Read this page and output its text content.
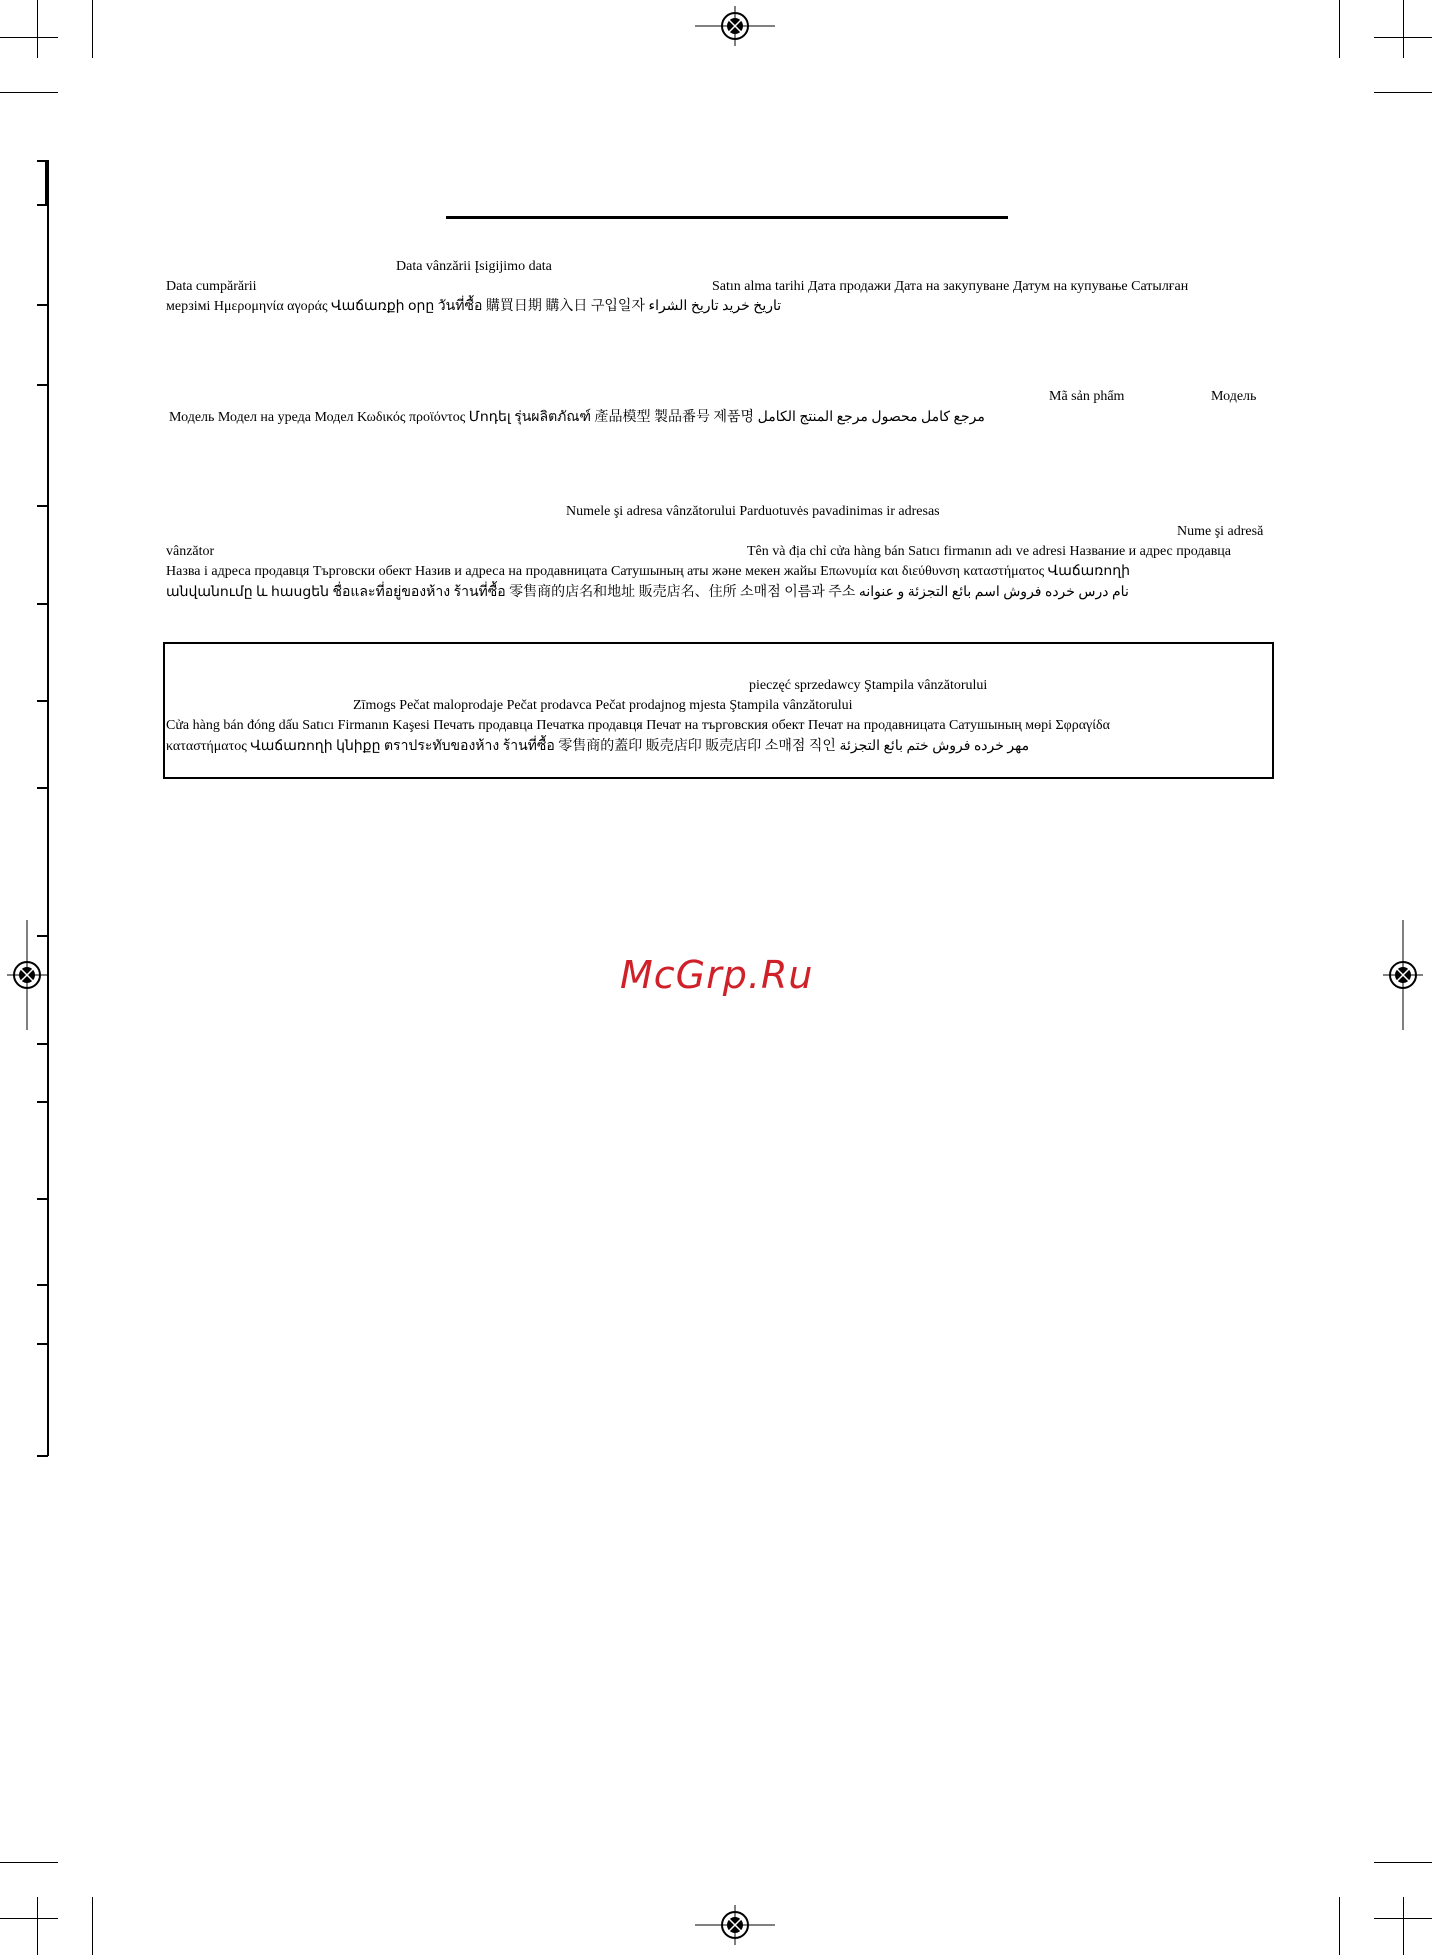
Data vânzării Įsigijimo data
Data cumpărării	Satın alma tarihi Дата продажи Дата на закупуване Датум на купување Сатылған
мерзімі Ημερομηνία αγοράς Վաճառքի օրը วันที่ซื้อ 購買日期 購入日 구입일자 تاريخ خريد تاريخ الشراء
Mã sản phẩm	Модель
Модель Модел на уреда Модел Κωδικός προϊόντος Մոդել รุ่นผลิตภัณฑ์ 產品模型 製品番号 제품명 مرجع كامل محصول مرجع المنتج الكامل
Numele şi adresa vânzătorului Parduotuvės pavadinimas ir adresas
Nume şi adresă
vânzător	Tên và địa chỉ cửa hàng bán Satıcı firmanın adı ve adresi Название и адрес продавца
Назва і адреса продавця Търговски обект Назив и адреса на продавницата Сатушының аты және мекен жайы Επωνυμία και διεύθυνση καταστήματος Վաճառողի
անվանումը և հասցեն ชื่อและที่อยู่ของห้าง ร้านที่ซื้อ 零售商的店名和地址 販売店名、住所 소매점 이름과 주소 نام درس خرده فروش اسم بائع التجزئة و عنوانه
pieczęć sprzedawcy Ştampila vânzătorului
Zīmogs Pečat maloprodaje Pečat prodavca Pečat prodajnog mjesta Ştampila vânzătorului
Cửa hàng bán đóng dấu Satıcı Firmanın Kaşesi Печать продавца Печатка продавця Печат на търговския обект Печат на продавницата Сатушының мөрі Σφραγίδα
καταστήματος Վաճառողի կնիքը ตราประทับของห้าง ร้านที่ซื้อ 零售商的蓋印 販売店印 販売店印 소매점 직인 مهر خرده فروش ختم بائع التجزئة
McGrp.Ru
